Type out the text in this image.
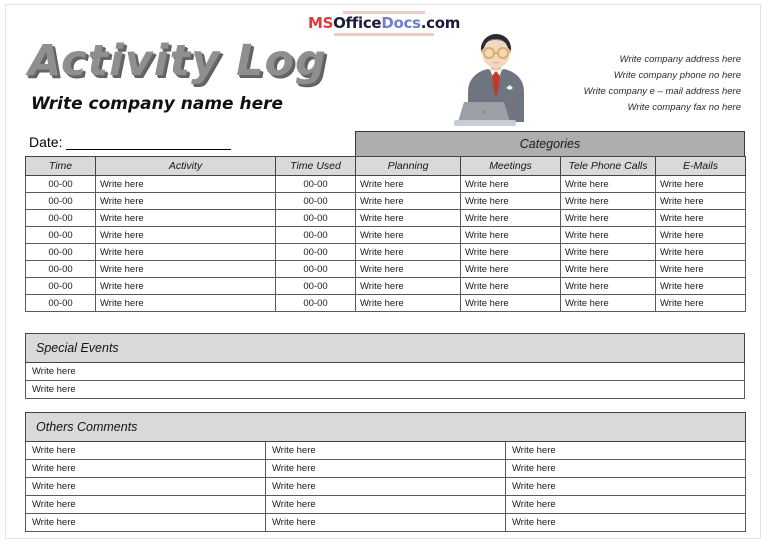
MSOfficeDocs.com
Activity Log
Write company name here
Write company address here
Write company phone no here
Write company e – mail address here
Write company fax no here
Date:	Categories
Time	Activity	Time Used	Planning	Meetings	Tele Phone Calls	E-Mails
00-00	Write here	00-00	Write here	Write here	Write here	Write here
00-00	Write here	00-00	Write here	Write here	Write here	Write here
00-00	Write here	00-00	Write here	Write here	Write here	Write here
00-00	Write here	00-00	Write here	Write here	Write here	Write here
00-00	Write here	00-00	Write here	Write here	Write here	Write here
00-00	Write here	00-00	Write here	Write here	Write here	Write here
00-00	Write here	00-00	Write here	Write here	Write here	Write here
00-00	Write here	00-00	Write here	Write here	Write here	Write here
Special Events
Write here
Write here
Others Comments		
Write here	Write here	Write here
Write here	Write here	Write here
Write here	Write here	Write here
Write here	Write here	Write here
Write here	Write here	Write here
